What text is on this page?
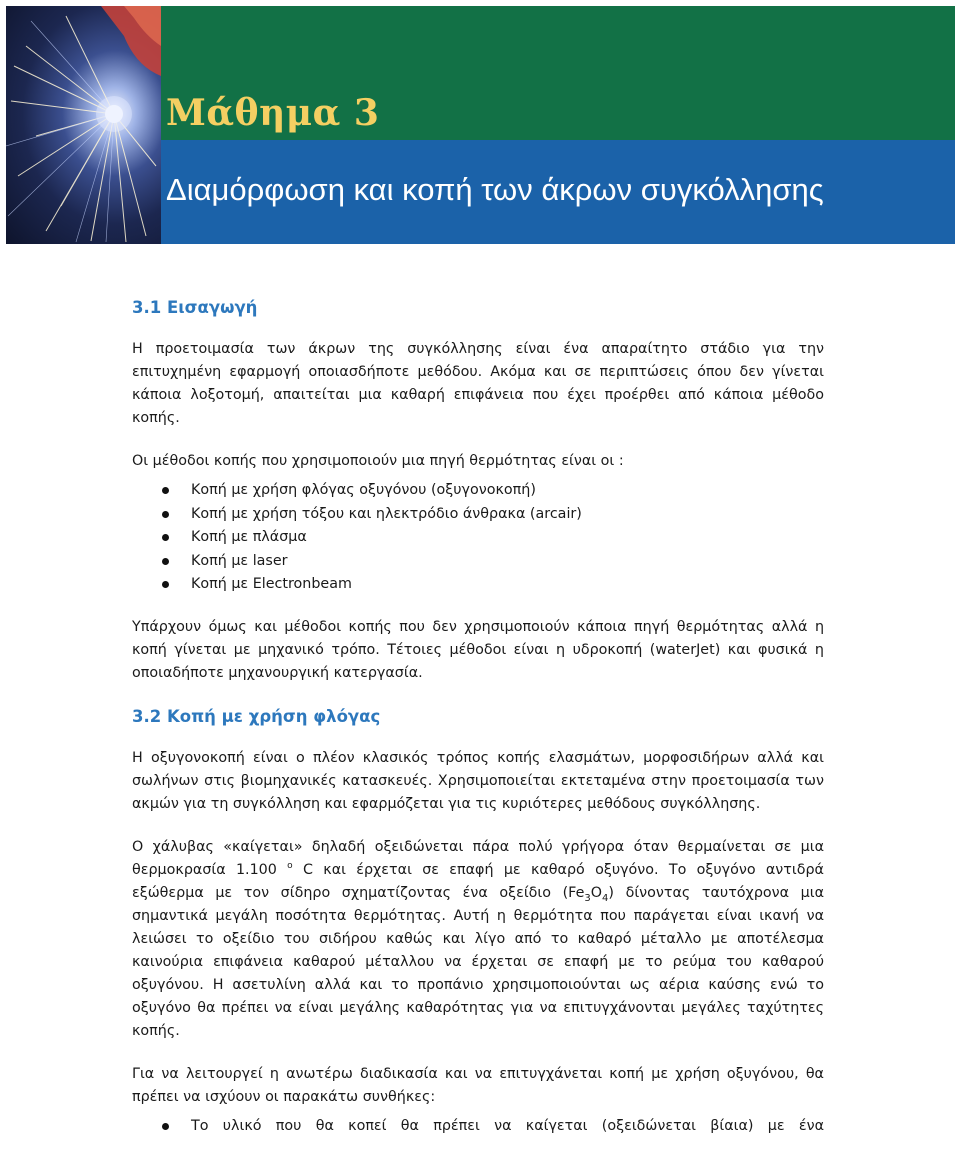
Μάθημα 3
Διαμόρφωση και κοπή των άκρων συγκόλλησης
3.1 Εισαγωγή

Η προετοιμασία των άκρων της συγκόλλησης είναι ένα απαραίτητο στάδιο για την επιτυχημένη εφαρμογή οποιασδήποτε μεθόδου. Ακόμα και σε περιπτώσεις όπου δεν γίνεται κάποια λοξοτομή, απαιτείται μια καθαρή επιφάνεια που έχει προέρθει από κάποια μέθοδο κοπής.

Οι μέθοδοι κοπής που χρησιμοποιούν μια πηγή θερμότητας είναι οι :

Κοπή με χρήση φλόγας οξυγόνου (οξυγονοκοπή)
Κοπή με χρήση τόξου και ηλεκτρόδιο άνθρακα (arcair)
Κοπή με πλάσμα
Κοπή με laser
Κοπή με Electronbeam

Υπάρχουν όμως και μέθοδοι κοπής που δεν χρησιμοποιούν κάποια πηγή θερμότητας αλλά η κοπή γίνεται με μηχανικό τρόπο. Τέτοιες μέθοδοι είναι η υδροκοπή (waterJet) και φυσικά η οποιαδήποτε μηχανουργική κατεργασία.

3.2 Κοπή με χρήση φλόγας

Η οξυγονοκοπή είναι ο πλέον κλασικός τρόπος κοπής ελασμάτων, μορφοσιδήρων αλλά και σωλήνων στις βιομηχανικές κατασκευές. Χρησιμοποιείται εκτεταμένα στην προετοιμασία των ακμών για τη συγκόλληση και εφαρμόζεται για τις κυριότερες μεθόδους συγκόλλησης.

Ο χάλυβας «καίγεται» δηλαδή οξειδώνεται πάρα πολύ γρήγορα όταν θερμαίνεται σε μια θερμοκρασία 1.100 $^o$ C και έρχεται σε επαφή με καθαρό οξυγόνο. Το οξυγόνο αντιδρά εξώθερμα με τον σίδηρο σχηματίζοντας ένα οξείδιο $(Fe_3O_4)$ δίνοντας ταυτόχρονα μια σημαντικά μεγάλη ποσότητα θερμότητας. Αυτή η θερμότητα που παράγεται είναι ικανή να λειώσει το οξείδιο του σιδήρου καθώς και λίγο από το καθαρό μέταλλο με αποτέλεσμα καινούρια επιφάνεια καθαρού μέταλλου να έρχεται σε επαφή με το ρεύμα του καθαρού οξυγόνου. Η ασετυλίνη αλλά και το προπάνιο χρησιμοποιούνται ως αέρια καύσης ενώ το οξυγόνο θα πρέπει να είναι μεγάλης καθαρότητας για να επιτυγχάνονται μεγάλες ταχύτητες κοπής.

Για να λειτουργεί η ανωτέρω διαδικασία και να επιτυγχάνεται κοπή με χρήση οξυγόνου, θα πρέπει να ισχύουν οι παρακάτω συνθήκες:

Το υλικό που θα κοπεί θα πρέπει να καίγεται (οξειδώνεται βίαια) με ένα
